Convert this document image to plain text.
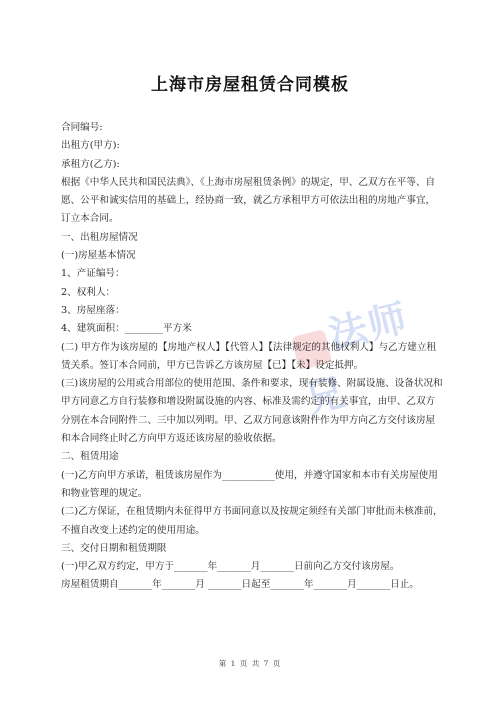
上海市房屋租赁合同模板
法师兄
合同编号:
出租方(甲方):
承租方(乙方):
根据《中华人民共和国民法典》、《上海市房屋租赁条例》的规定，甲、乙双方在平等、自愿、公平和诚实信用的基础上，经协商一致，就乙方承租甲方可依法出租的房地产事宜，订立本合同。
一、出租房屋情况
(一)房屋基本情况
1、产证编号：
2、权利人：
3、房屋座落：
4、建筑面积：________平方米
(二) 甲方作为该房屋的【房地产权人】【代管人】【法律规定的其他权利人】与乙方建立租赁关系。签订本合同前，甲方已告诉乙方该房屋【已】【未】设定抵押。
(三)该房屋的公用或合用部位的使用范围、条件和要求，现有装修、附属设施、设备状况和甲方同意乙方自行装修和增设附属设施的内容、标准及需约定的有关事宜，由甲、乙双方分别在本合同附件二、三中加以列明。甲、乙双方同意该附件作为甲方向乙方交付该房屋和本合同终止时乙方向甲方返还该房屋的验收依据。
二、租赁用途
(一)乙方向甲方承诺，租赁该房屋作为___________使用，并遵守国家和本市有关房屋使用和物业管理的规定。
(二)乙方保证，在租赁期内未征得甲方书面同意以及按规定须经有关部门审批而未核准前，不擅自改变上述约定的使用用途。
三、交付日期和租赁期限
(一)甲乙双方约定，甲方于_______年_______月_______日前向乙方交付该房屋。
房屋租赁期自_______年_______月 _______日起至_______年_______月_______日止。
第 1 页 共 7 页
